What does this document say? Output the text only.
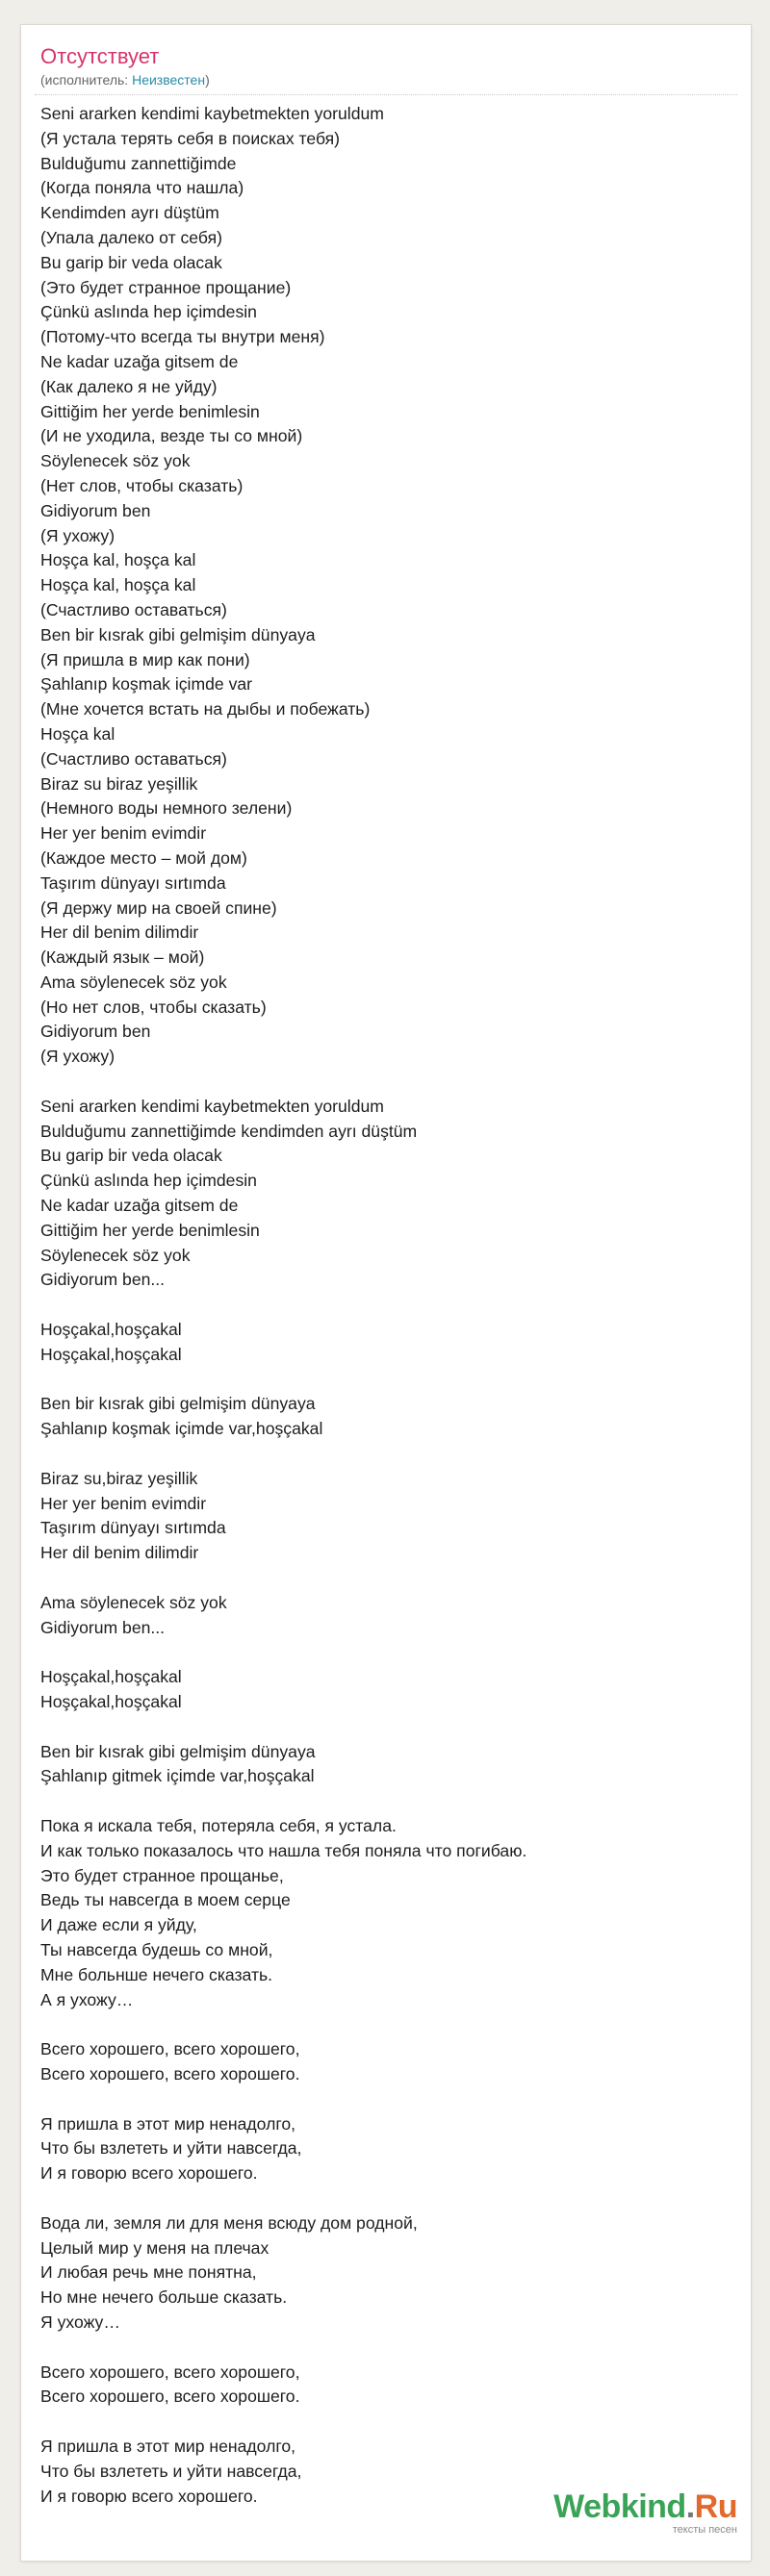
Отсутствует
(исполнитель: Неизвестен)
Seni ararken kendimi kaybetmekten yoruldum
(Я устала терять себя в поисках тебя)
Bulduğumu zannettiğimde
(Когда поняла что нашла)
Kendimden ayrı düştüm
(Упала далеко от себя)
Bu garip bir veda olacak
(Это будет странное прощание)
Çünkü aslında hep içimdesin
(Потому-что всегда ты внутри меня)
Ne kadar uzağa gitsem de
(Как далеко я не уйду)
Gittiğim her yerde benimlesin
(И не уходила, везде ты со мной)
Söylenecek söz yok
(Нет слов, чтобы сказать)
Gidiyorum ben
(Я ухожу)
Hoşça kal, hoşça kal
Hoşça kal, hoşça kal
(Счастливо оставаться)
Ben bir kısrak gibi gelmişim dünyaya
(Я пришла в мир как пони)
Şahlanıp koşmak içimde var
(Мне хочется встать на дыбы и побежать)
Hoşça kal
(Счастливо оставаться)
Biraz su biraz yeşillik
(Немного воды немного зелени)
Her yer benim evimdir
(Каждое место – мой дом)
Taşırım dünyayı sırtımda
(Я держу мир на своей спине)
Her dil benim dilimdir
(Каждый язык – мой)
Ama söylenecek söz yok
(Но нет слов, чтобы сказать)
Gidiyorum ben
(Я ухожу)
Seni ararken kendimi kaybetmekten yoruldum
Bulduğumu zannettiğimde kendimden ayrı düştüm
Bu garip bir veda olacak
Çünkü aslında hep içimdesin
Ne kadar uzağa gitsem de
Gittiğim her yerde benimlesin
Söylenecek söz yok
Gidiyorum ben...
Hoşçakal,hoşçakal
Hoşçakal,hoşçakal
Ben bir kısrak gibi gelmişim dünyaya
Şahlanıp koşmak içimde var,hoşçakal
Biraz su,biraz yeşillik
Her yer benim evimdir
Taşırım dünyayı sırtımda
Her dil benim dilimdir
Ama söylenecek söz yok
Gidiyorum ben...
Hoşçakal,hoşçakal
Hoşçakal,hoşçakal
Ben bir kısrak gibi gelmişim dünyaya
Şahlanıp gitmek içimde var,hoşçakal
Пока я искала тебя, потеряла себя, я устала.
И как только показалось что нашла тебя поняла что погибаю.
Это будет странное прощанье,
Ведь ты навсегда в моем серце
И даже если я уйду,
Ты навсегда будешь со мной,
Мне больнше нечего сказать.
А я ухожу…
Всего хорошего, всего хорошего,
Всего хорошего, всего хорошего.
Я пришла в этот мир ненадолго,
Что бы взлететь и уйти навсегда,
И я говорю всего хорошего.
Вода ли, земля ли для меня всюду дом родной,
Целый мир у меня на плечах
И любая речь мне понятна,
Но мне нечего больше сказать.
Я ухожу…
Всего хорошего, всего хорошего,
Всего хорошего, всего хорошего.
Я пришла в этот мир ненадолго,
Что бы взлететь и уйти навсегда,
И я говорю всего хорошего.	Webkind.Ru
тексты песен
